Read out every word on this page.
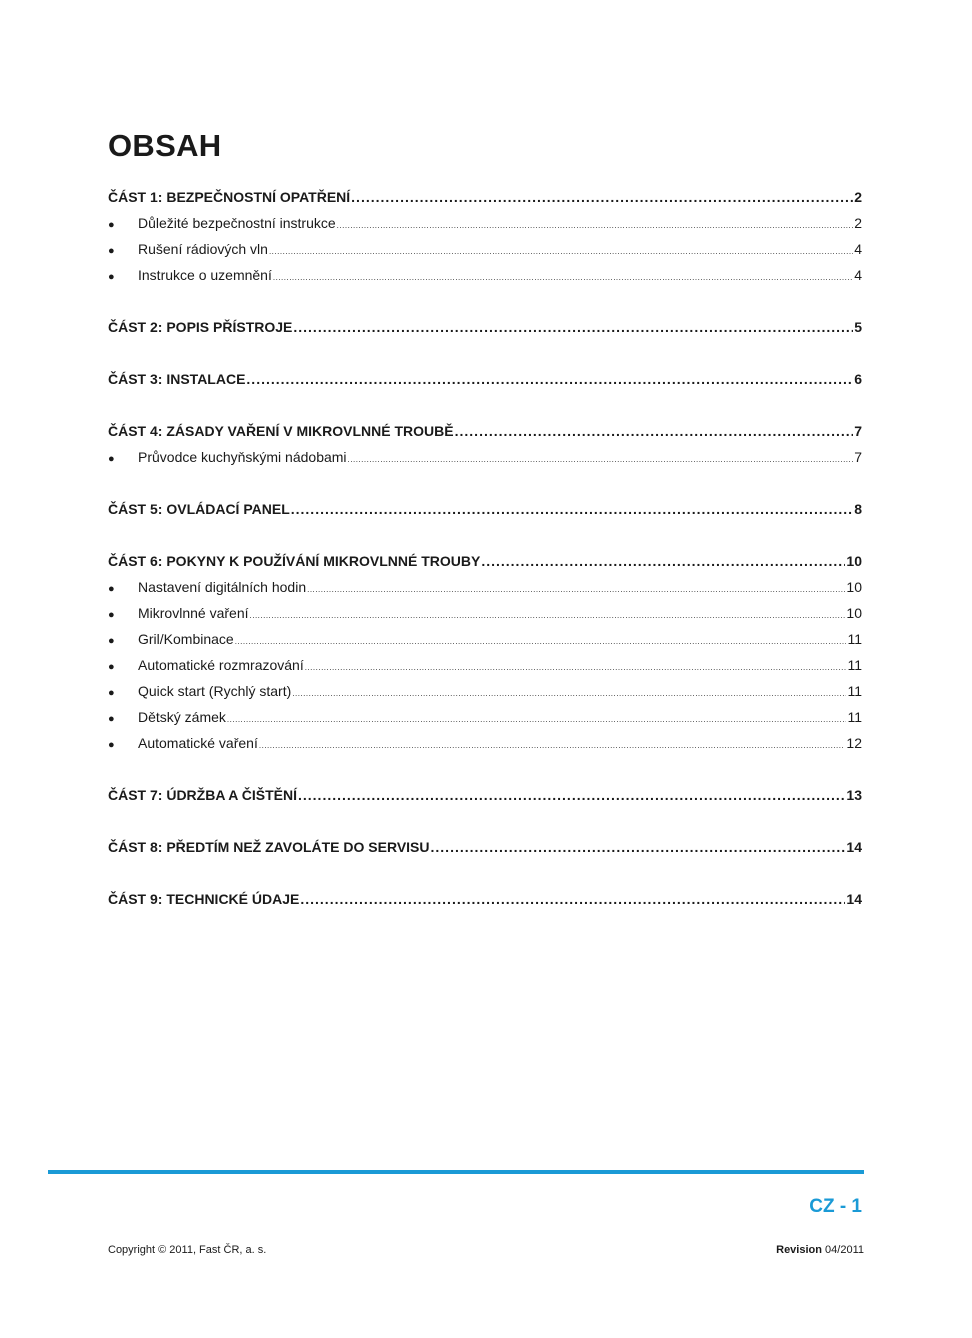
OBSAH
ČÁST 1: BEZPEČNOSTNÍ OPATŘENÍ .....	2
●	Důležité bezpečnostní instrukce .....	2
●	Rušení rádiových vln .....	4
●	Instrukce o uzemnění .....	4
ČÁST 2: POPIS PŘÍSTROJE .....	5
ČÁST 3: INSTALACE .....	6
ČÁST 4: ZÁSADY VAŘENÍ V MIKROVLNNÉ TROUBĚ .....	7
●	Průvodce kuchyňskými nádobami .....	7
ČÁST 5: OVLÁDACÍ PANEL .....	8
ČÁST 6: POKYNY K POUŽÍVÁNÍ MIKROVLNNÉ TROUBY .....	10
●	Nastavení digitálních hodin .....	10
●	Mikrovlnné vaření .....	10
●	Gril/Kombinace .....	11
●	Automatické rozmrazování .....	11
●	Quick start (Rychlý start) .....	11
●	Dětský zámek .....	11
●	Automatické vaření .....	12
ČÁST 7: ÚDRŽBA A ČIŠTĚNÍ .....	13
ČÁST 8: PŘEDTÍM NEŽ ZAVOLÁTE DO SERVISU .....	14
ČÁST 9: TECHNICKÉ ÚDAJE .....	14
CZ - 1
Copyright © 2011, Fast ČR, a. s.	Revision 04/2011
